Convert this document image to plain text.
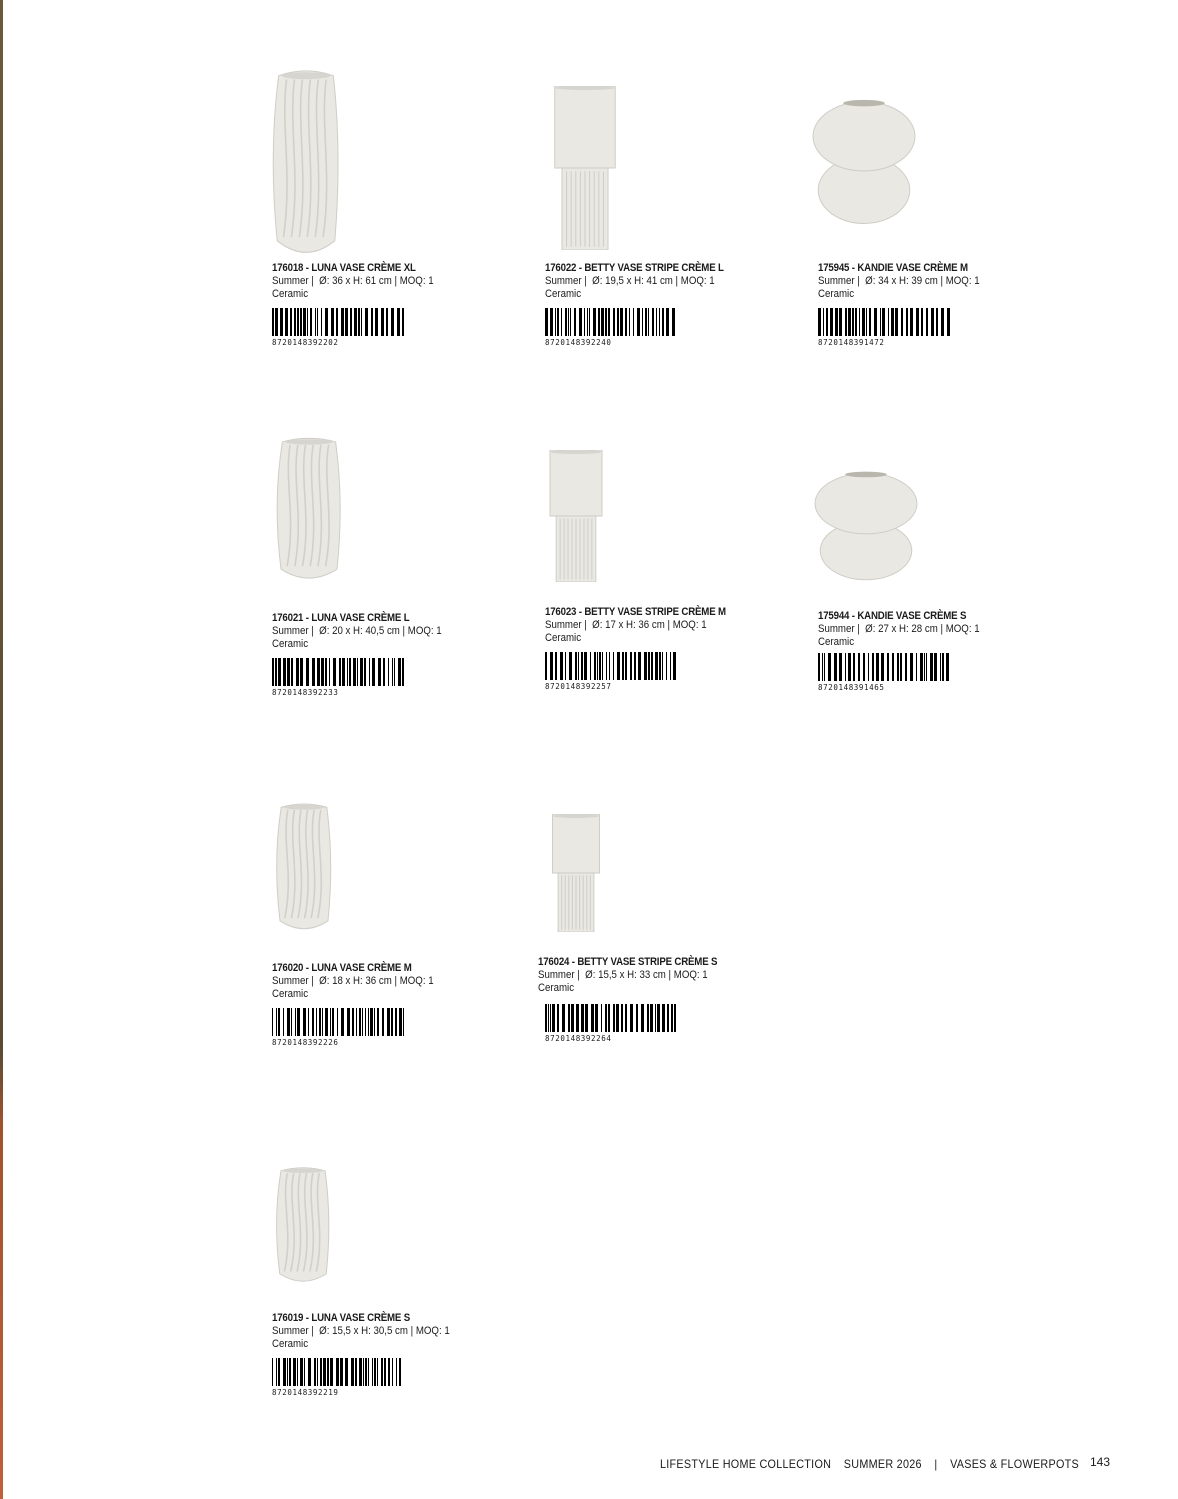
176018 - LUNA VASE CRÈME XL
Summer |  Ø: 36 x H: 61 cm | MOQ: 1
Ceramic
8720148392202
176022 - BETTY VASE STRIPE CRÈME L
Summer |  Ø: 19,5 x H: 41 cm | MOQ: 1
Ceramic
8720148392240
175945 - KANDIE VASE CRÈME M
Summer |  Ø: 34 x H: 39 cm | MOQ: 1
Ceramic
8720148391472
176021 - LUNA VASE CRÈME L
Summer |  Ø: 20 x H: 40,5 cm | MOQ: 1
Ceramic
8720148392233
176023 - BETTY VASE STRIPE CRÈME M
Summer |  Ø: 17 x H: 36 cm | MOQ: 1
Ceramic
8720148392257
175944 - KANDIE VASE CRÈME S
Summer |  Ø: 27 x H: 28 cm | MOQ: 1
Ceramic
8720148391465
176020 - LUNA VASE CRÈME M
Summer |  Ø: 18 x H: 36 cm | MOQ: 1
Ceramic
8720148392226
176024 - BETTY VASE STRIPE CRÈME S
Summer |  Ø: 15,5 x H: 33 cm | MOQ: 1
Ceramic
8720148392264
176019 - LUNA VASE CRÈME S
Summer |  Ø: 15,5 x H: 30,5 cm | MOQ: 1
Ceramic
8720148392219
LIFESTYLE HOME COLLECTION SUMMER 2026 | VASES & FLOWERPOTS 143
